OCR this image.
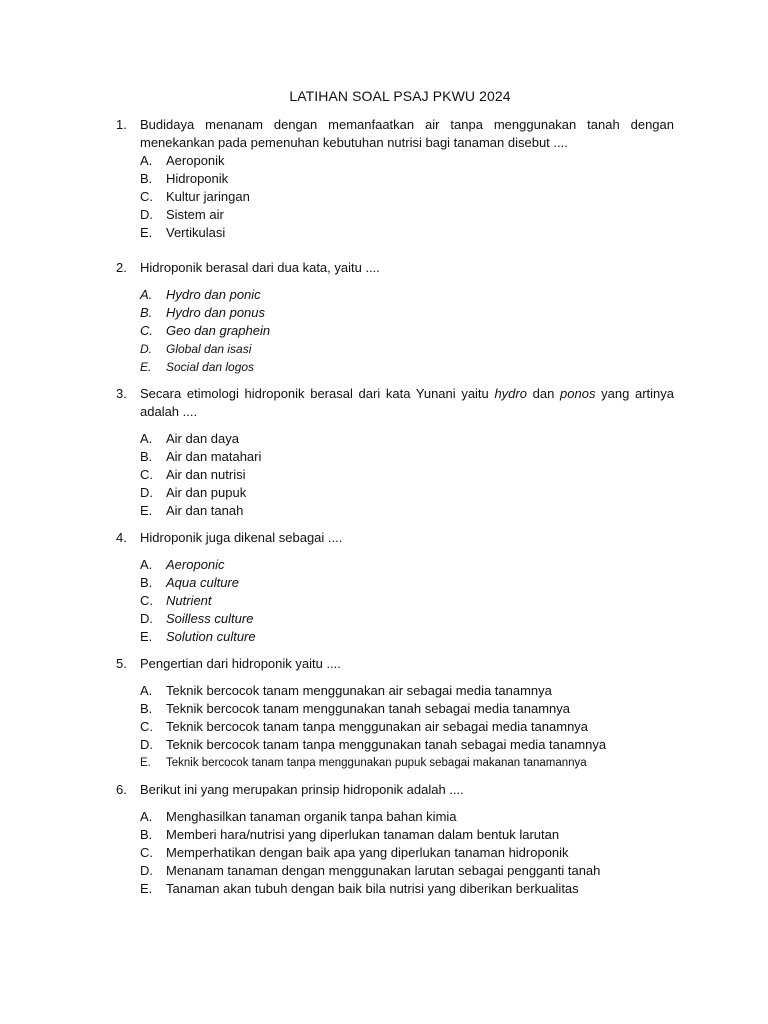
LATIHAN SOAL PSAJ PKWU 2024
1.	Budidaya menanam dengan memanfaatkan air tanpa menggunakan tanah dengan menekankan pada pemenuhan kebutuhan nutrisi bagi tanaman disebut ....
A.	Aeroponik
B.	Hidroponik
C.	Kultur jaringan
D.	Sistem air
E.	Vertikulasi
2.	Hidroponik berasal dari dua kata, yaitu ....
A.	Hydro dan ponic
B.	Hydro dan ponus
C.	Geo dan graphein
D.	Global dan isasi
E.	Social dan logos
3.	Secara etimologi hidroponik berasal dari kata Yunani yaitu hydro dan ponos yang artinya adalah ....
A.	Air dan daya
B.	Air dan matahari
C.	Air dan nutrisi
D.	Air dan pupuk
E.	Air dan tanah
4.	Hidroponik juga dikenal sebagai ....
A.	Aeroponic
B.	Aqua culture
C.	Nutrient
D.	Soilless culture
E.	Solution culture
5.	Pengertian dari hidroponik yaitu ....
A.	Teknik bercocok tanam menggunakan air sebagai media tanamnya
B.	Teknik bercocok tanam menggunakan tanah sebagai media tanamnya
C.	Teknik bercocok tanam tanpa menggunakan air sebagai media tanamnya
D.	Teknik bercocok tanam tanpa menggunakan tanah sebagai media tanamnya
E.	Teknik bercocok tanam tanpa menggunakan pupuk sebagai makanan tanamannya
6.	Berikut ini yang merupakan prinsip hidroponik adalah ....
A.	Menghasilkan tanaman organik tanpa bahan kimia
B.	Memberi hara/nutrisi yang diperlukan tanaman dalam bentuk larutan
C.	Memperhatikan dengan baik apa yang diperlukan tanaman hidroponik
D.	Menanam tanaman dengan menggunakan larutan sebagai pengganti tanah
E.	Tanaman akan tubuh dengan baik bila nutrisi yang diberikan berkualitas
